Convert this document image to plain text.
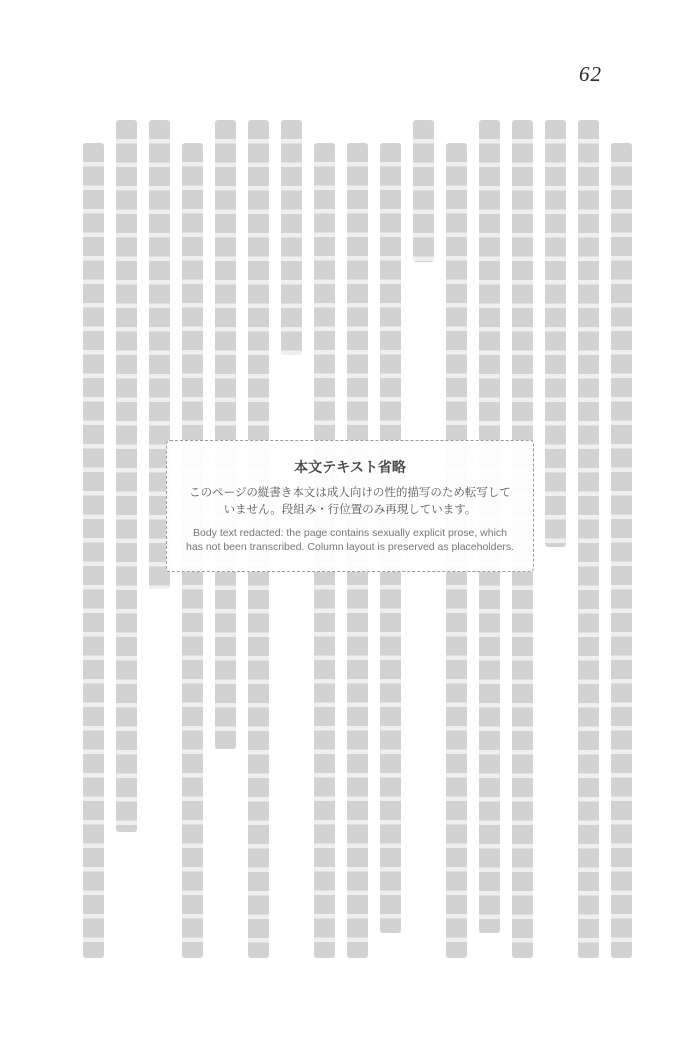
62
本文テキスト省略
このページの縦書き本文は成人向けの性的描写のため転写していません。段組み・行位置のみ再現しています。
Body text redacted: the page contains sexually explicit prose, which has not been transcribed. Column layout is preserved as placeholders.
